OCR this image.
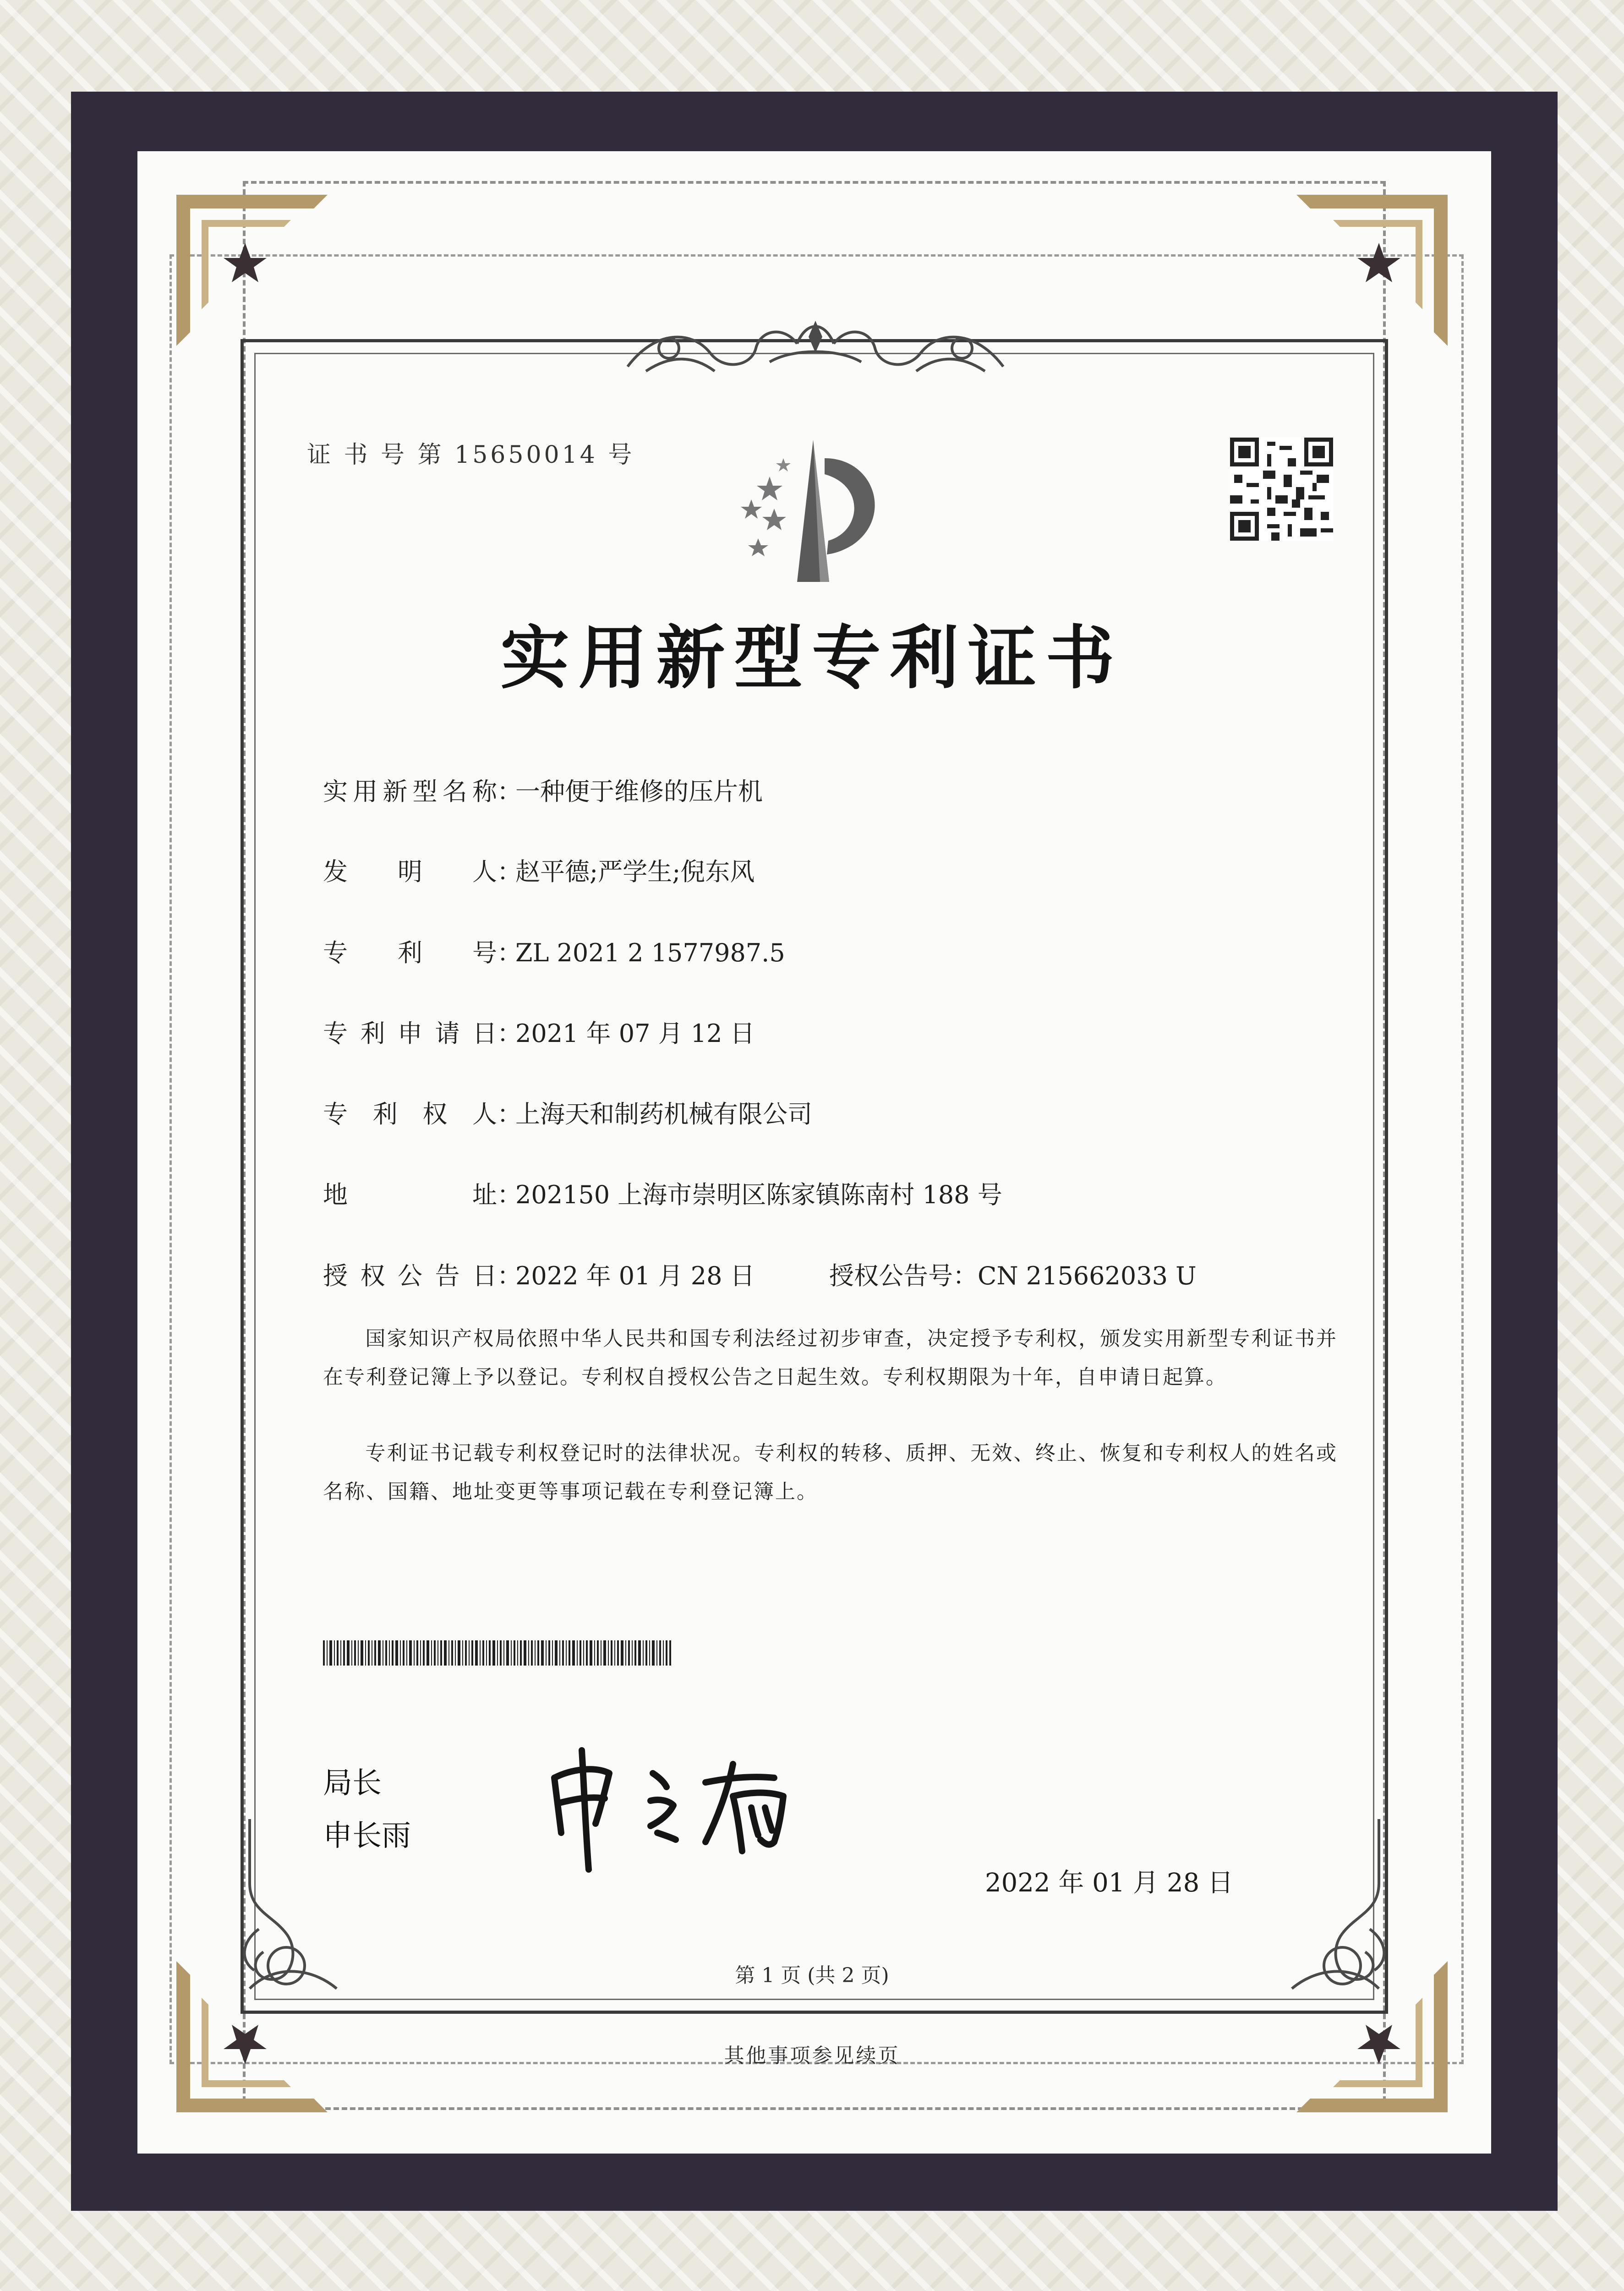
证 书 号 第 15650014 号
实用新型专利证书
实用新型名称：一种便于维修的压片机
发明人：赵平德;严学生;倪东风
专利号：ZL 2021 2 1577987.5
专利申请日：2021 年 07 月 12 日
专利权人：上海天和制药机械有限公司
地址：202150 上海市崇明区陈家镇陈南村 188 号
授权公告日：2022 年 01 月 28 日	授权公告号：CN 215662033 U
国家知识产权局依照中华人民共和国专利法经过初步审查，决定授予专利权，颁发实用新型专利证书并在专利登记簿上予以登记。专利权自授权公告之日起生效。专利权期限为十年，自申请日起算。
专利证书记载专利权登记时的法律状况。专利权的转移、质押、无效、终止、恢复和专利权人的姓名或名称、国籍、地址变更等事项记载在专利登记簿上。
局长
申长雨
2022 年 01 月 28 日
第 1 页 (共 2 页)
其他事项参见续页
